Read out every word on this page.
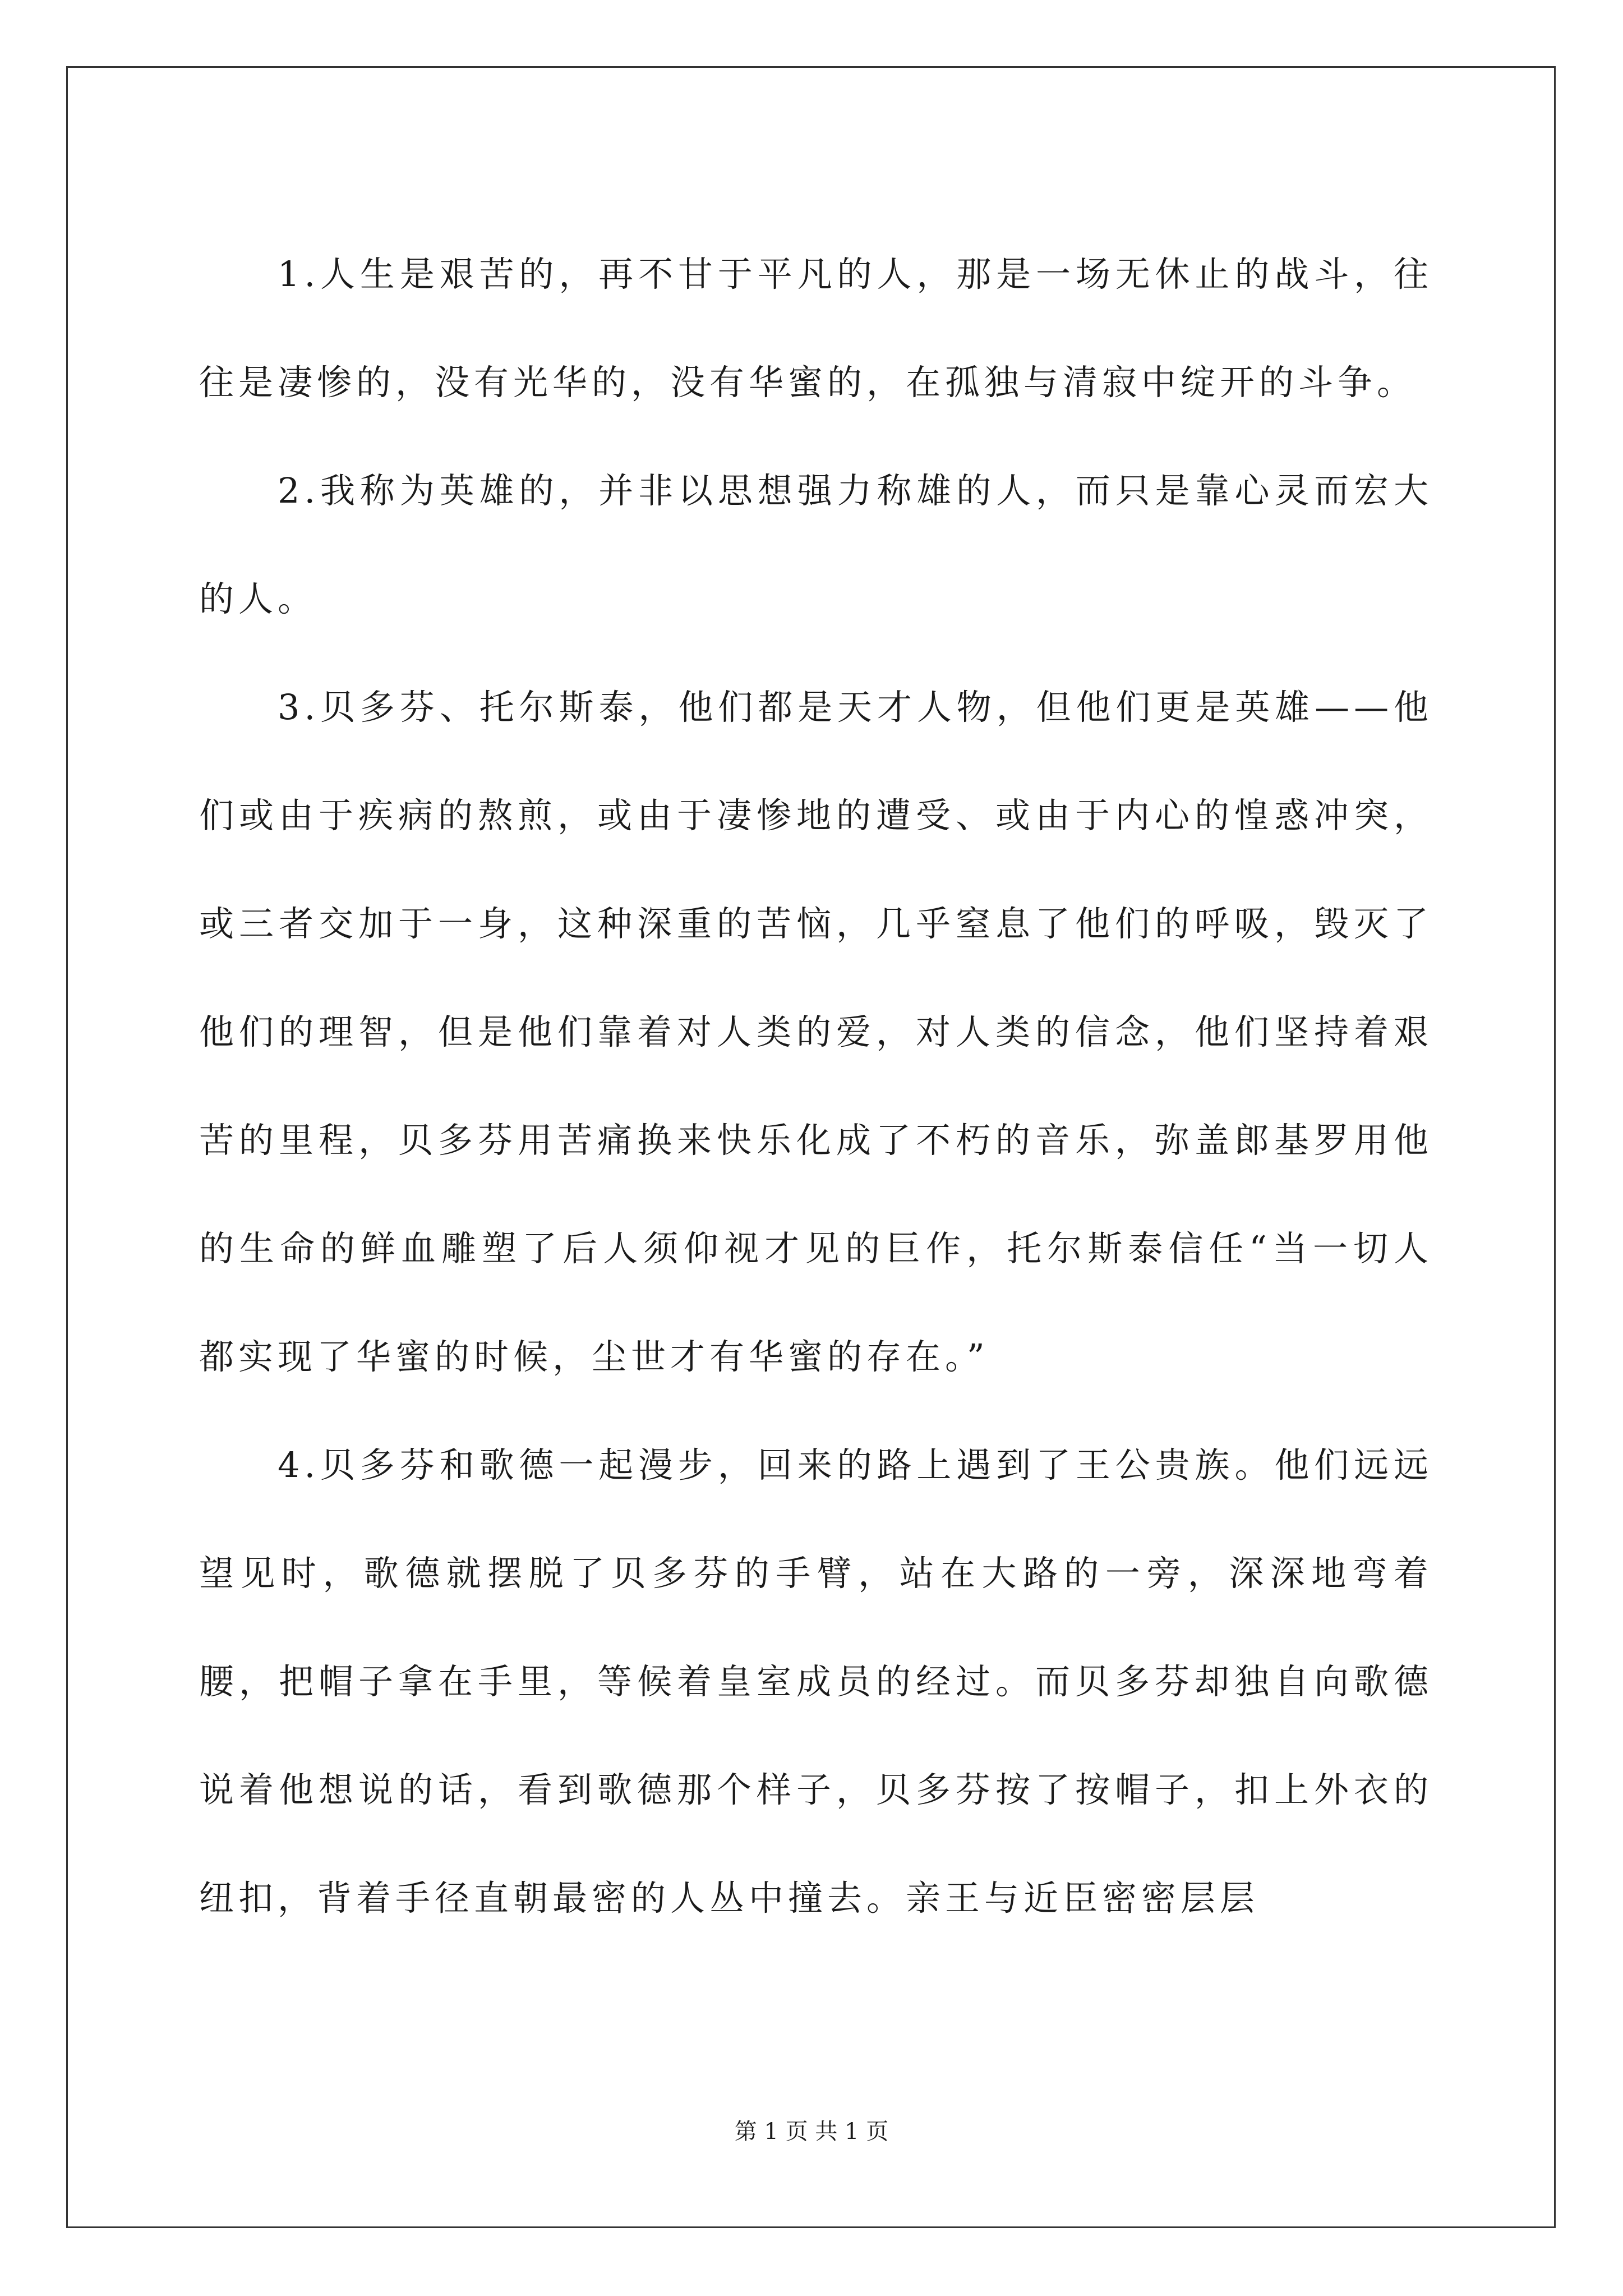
1.人生是艰苦的，再不甘于平凡的人，那是一场无休止的战斗，往往是凄惨的，没有光华的，没有华蜜的，在孤独与清寂中绽开的斗争。

2.我称为英雄的，并非以思想强力称雄的人，而只是靠心灵而宏大的人。

3.贝多芬、托尔斯泰，他们都是天才人物，但他们更是英雄——他们或由于疾病的熬煎，或由于凄惨地的遭受、或由于内心的惶惑冲突，或三者交加于一身，这种深重的苦恼，几乎窒息了他们的呼吸，毁灭了他们的理智，但是他们靠着对人类的爱，对人类的信念，他们坚持着艰苦的里程，贝多芬用苦痛换来快乐化成了不朽的音乐，弥盖郎基罗用他的生命的鲜血雕塑了后人须仰视才见的巨作，托尔斯泰信任“当一切人都实现了华蜜的时候，尘世才有华蜜的存在。”

4.贝多芬和歌德一起漫步，回来的路上遇到了王公贵族。他们远远望见时，歌德就摆脱了贝多芬的手臂，站在大路的一旁，深深地弯着腰，把帽子拿在手里，等候着皇室成员的经过。而贝多芬却独自向歌德说着他想说的话，看到歌德那个样子，贝多芬按了按帽子，扣上外衣的纽扣，背着手径直朝最密的人丛中撞去。亲王与近臣密密层层

第 1 页 共 1 页
